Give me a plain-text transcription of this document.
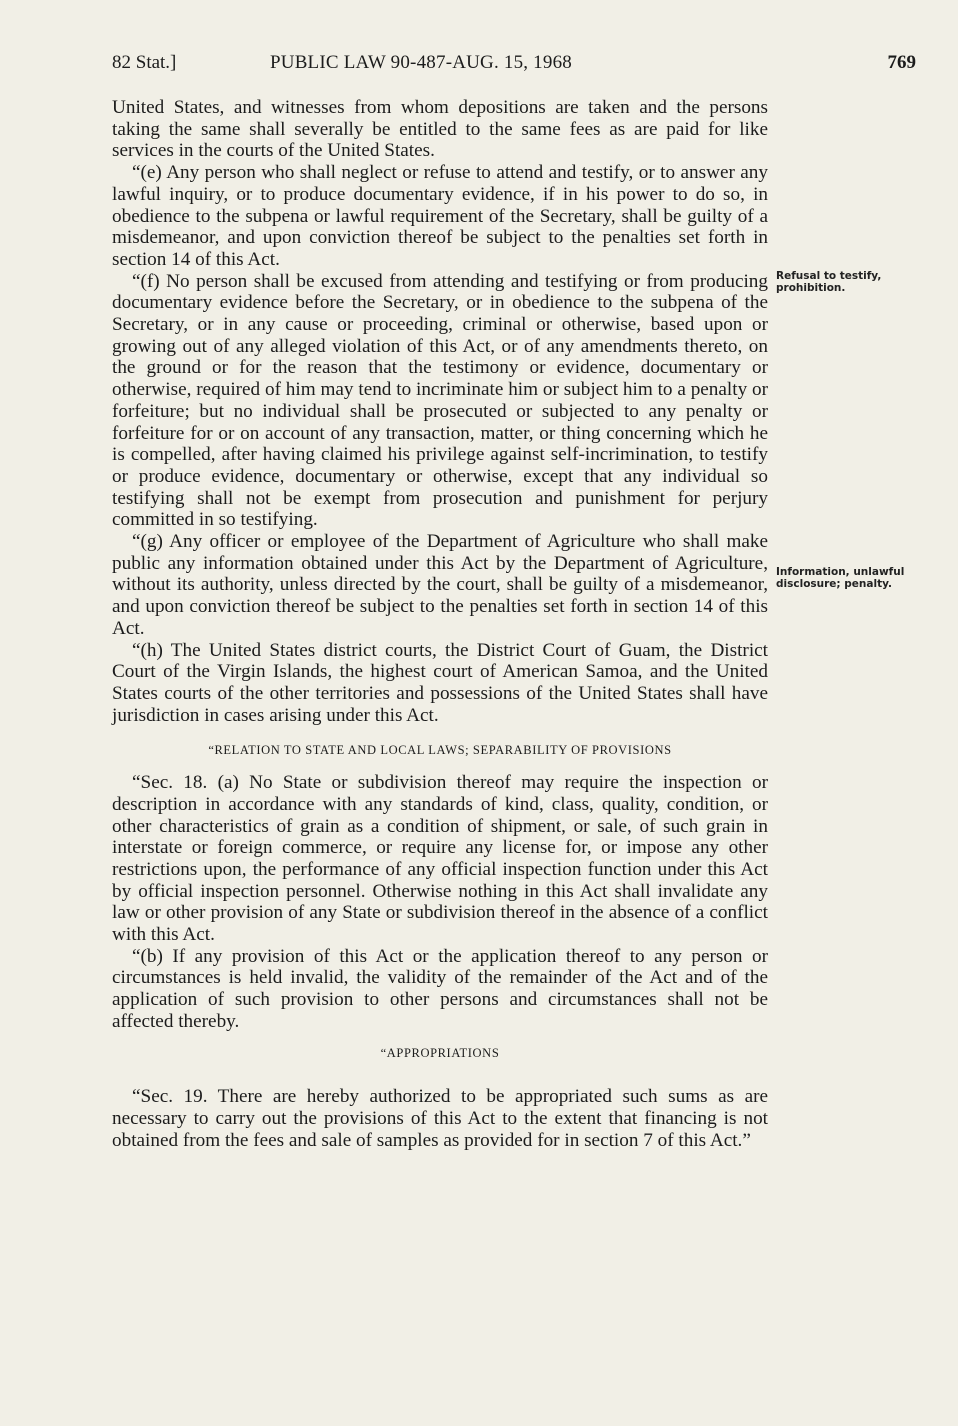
82 Stat.]	PUBLIC LAW 90-487-AUG. 15, 1968	769

United States, and witnesses from whom depositions are taken and the persons taking the same shall severally be entitled to the same fees as are paid for like services in the courts of the United States.

“(e) Any person who shall neglect or refuse to attend and testify, or to answer any lawful inquiry, or to produce documentary evidence, if in his power to do so, in obedience to the subpena or lawful requirement of the Secretary, shall be guilty of a misdemeanor, and upon conviction thereof be subject to the penalties set forth in section 14 of this Act.

“(f) No person shall be excused from attending and testifying or from producing documentary evidence before the Secretary, or in obedience to the subpena of the Secretary, or in any cause or proceeding, criminal or otherwise, based upon or growing out of any alleged violation of this Act, or of any amendments thereto, on the ground or for the reason that the testimony or evidence, documentary or otherwise, required of him may tend to incriminate him or subject him to a penalty or forfeiture; but no individual shall be prosecuted or subjected to any penalty or forfeiture for or on account of any transaction, matter, or thing concerning which he is compelled, after having claimed his privilege against self-incrimination, to testify or produce evidence, documentary or otherwise, except that any individual so testifying shall not be exempt from prosecution and punishment for perjury committed in so testifying.

“(g) Any officer or employee of the Department of Agriculture who shall make public any information obtained under this Act by the Department of Agriculture, without its authority, unless directed by the court, shall be guilty of a misdemeanor, and upon conviction thereof be subject to the penalties set forth in section 14 of this Act.

“(h) The United States district courts, the District Court of Guam, the District Court of the Virgin Islands, the highest court of American Samoa, and the United States courts of the other territories and possessions of the United States shall have jurisdiction in cases arising under this Act.

“RELATION TO STATE AND LOCAL LAWS; SEPARABILITY OF PROVISIONS

“Sec. 18. (a) No State or subdivision thereof may require the inspection or description in accordance with any standards of kind, class, quality, condition, or other characteristics of grain as a condition of shipment, or sale, of such grain in interstate or foreign commerce, or require any license for, or impose any other restrictions upon, the performance of any official inspection function under this Act by official inspection personnel. Otherwise nothing in this Act shall invalidate any law or other provision of any State or subdivision thereof in the absence of a conflict with this Act.

“(b) If any provision of this Act or the application thereof to any person or circumstances is held invalid, the validity of the remainder of the Act and of the application of such provision to other persons and circumstances shall not be affected thereby.

“APPROPRIATIONS

“Sec. 19. There are hereby authorized to be appropriated such sums as are necessary to carry out the provisions of this Act to the extent that financing is not obtained from the fees and sale of samples as provided for in section 7 of this Act.”

Refusal to testify, prohibition.
Information, unlawful disclosure; penalty.
